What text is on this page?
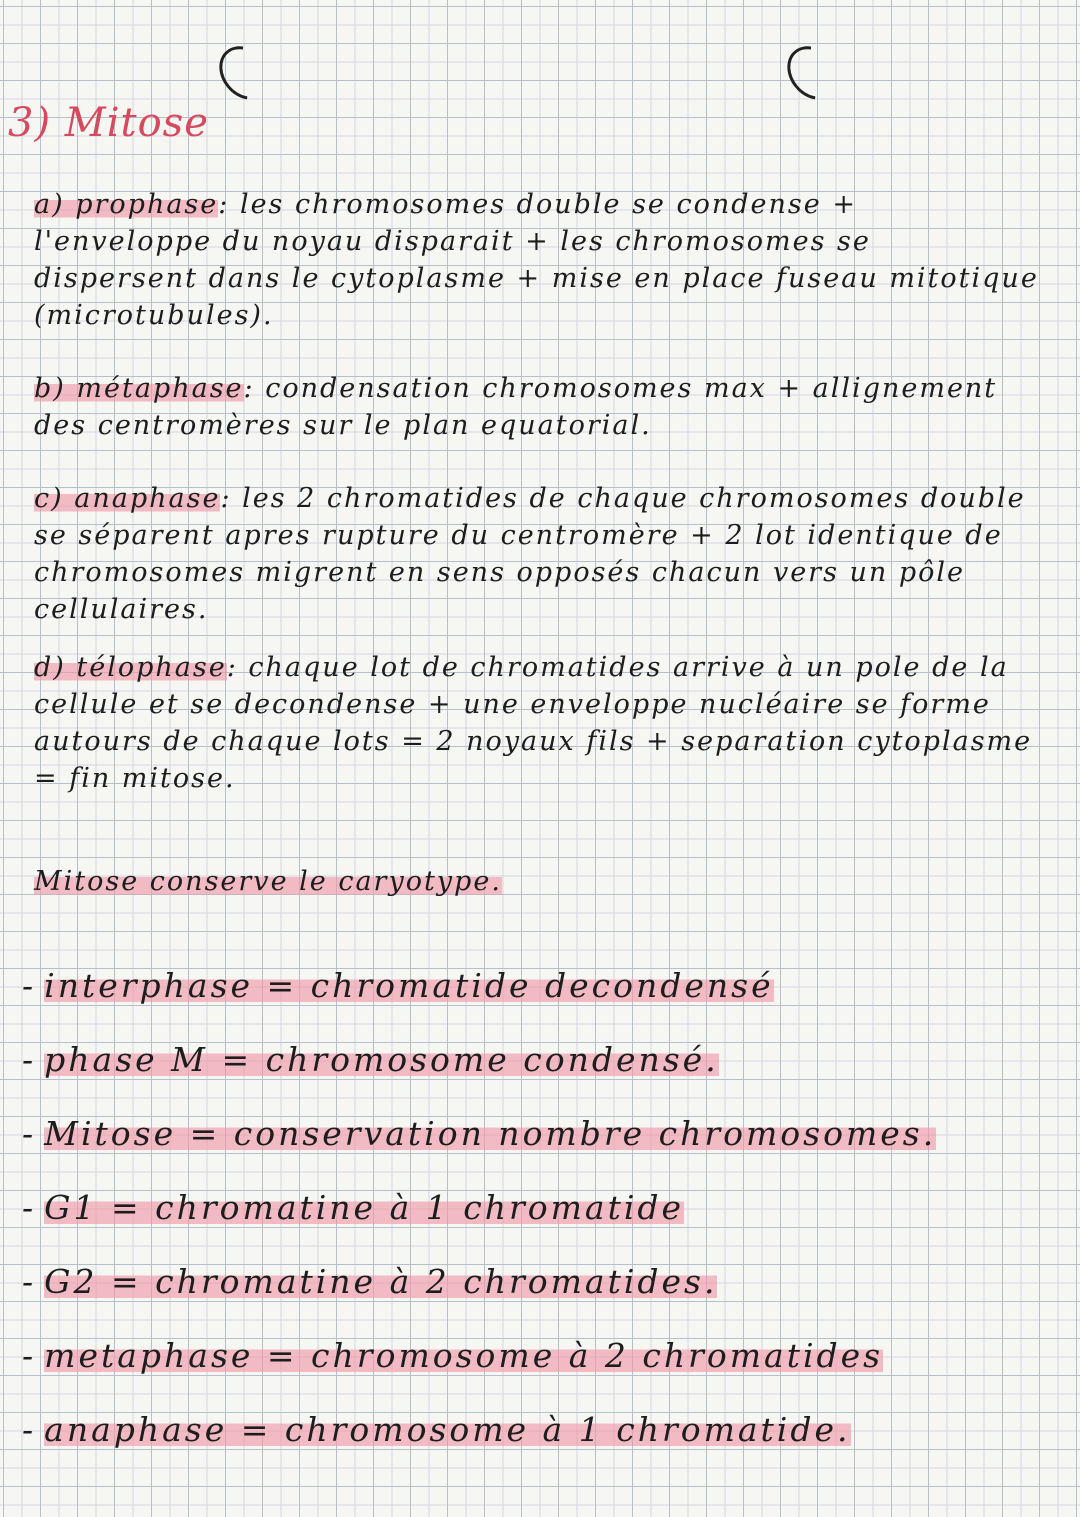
3) Mitose
a) prophase: les chromosomes double se condense + l'enveloppe du noyau disparait + les chromosomes se dispersent dans le cytoplasme + mise en place fuseau mitotique (microtubules).
b) métaphase: condensation chromosomes max + allignement des centromères sur le plan equatorial.
c) anaphase: les 2 chromatides de chaque chromosomes double se séparent apres rupture du centromère + 2 lot identique de chromosomes migrent en sens opposés chacun vers un pôle cellulaires.
d) télophase: chaque lot de chromatides arrive à un pole de la cellule et se decondense + une enveloppe nucléaire se forme autours de chaque lots = 2 noyaux fils + separation cytoplasme = fin mitose.
Mitose conserve le caryotype.
- interphase = chromatide decondensé
- phase M = chromosome condensé.
- Mitose = conservation nombre chromosomes.
- G1 = chromatine à 1 chromatide
- G2 = chromatine à 2 chromatides.
- metaphase = chromosome à 2 chromatides
- anaphase = chromosome à 1 chromatide.
